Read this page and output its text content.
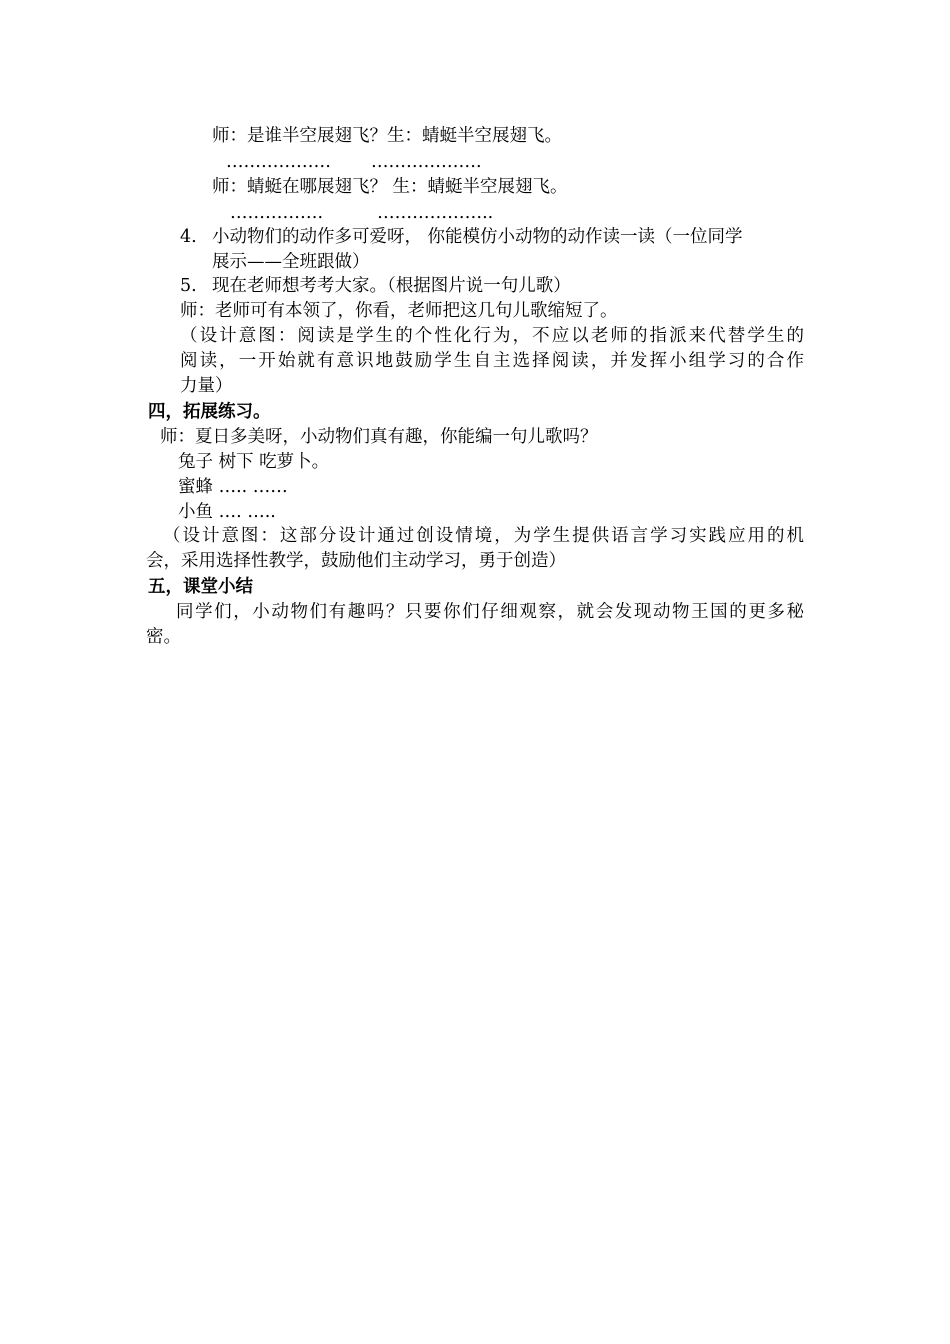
师：是谁半空展翅飞？生：蜻蜓半空展翅飞。
……………… ……………….
师：蜻蜓在哪展翅飞？ 生：蜻蜓半空展翅飞。
…………….	………………..
4. 小动物们的动作多可爱呀， 你能模仿小动物的动作读一读（一位同学
展示——全班跟做）
5. 现在老师想考考大家。（根据图片说一句儿歌）
师：老师可有本领了，你看，老师把这几句儿歌缩短了。
（设计意图：阅读是学生的个性化行为，不应以老师的指派来代替学生的
阅读，一开始就有意识地鼓励学生自主选择阅读，并发挥小组学习的合作
力量）
四，拓展练习。
师：夏日多美呀，小动物们真有趣，你能编一句儿歌吗？
兔子 树下 吃萝卜。
蜜蜂 ….. ……
小鱼 …. …..
（设计意图：这部分设计通过创设情境，为学生提供语言学习实践应用的机
会，采用选择性教学，鼓励他们主动学习，勇于创造）
五，课堂小结
同学们，小动物们有趣吗？只要你们仔细观察，就会发现动物王国的更多秘
密。
